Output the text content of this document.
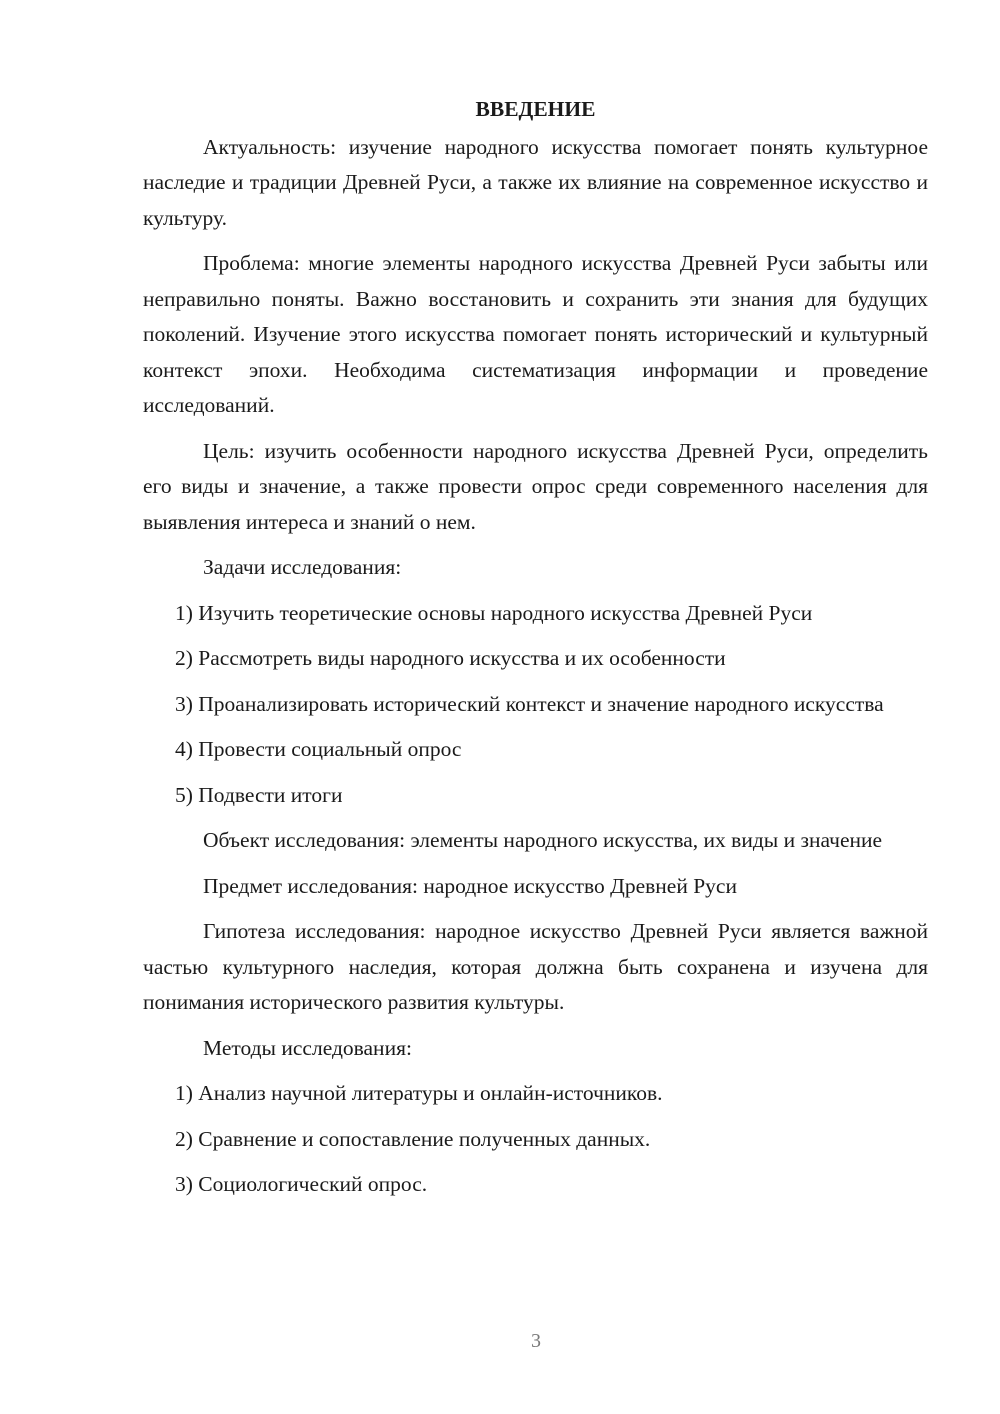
ВВЕДЕНИЕ

Актуальность: изучение народного искусства помогает понять культурное наследие и традиции Древней Руси, а также их влияние на современное искусство и культуру.

Проблема: многие элементы народного искусства Древней Руси забыты или неправильно поняты. Важно восстановить и сохранить эти знания для будущих поколений. Изучение этого искусства помогает понять исторический и культурный контекст эпохи. Необходима систематизация информации и проведение исследований.

Цель: изучить особенности народного искусства Древней Руси, определить его виды и значение, а также провести опрос среди современного населения для выявления интереса и знаний о нем.

Задачи исследования:

1) Изучить теоретические основы народного искусства Древней Руси

2) Рассмотреть виды народного искусства и их особенности

3) Проанализировать исторический контекст и значение народного искусства

4) Провести социальный опрос

5) Подвести итоги

Объект исследования: элементы народного искусства, их виды и значение

Предмет исследования: народное искусство Древней Руси

Гипотеза исследования: народное искусство Древней Руси является важной частью культурного наследия, которая должна быть сохранена и изучена для понимания исторического развития культуры.

Методы исследования:

1) Анализ научной литературы и онлайн-источников.

2) Сравнение и сопоставление полученных данных.

3) Социологический опрос.

3
